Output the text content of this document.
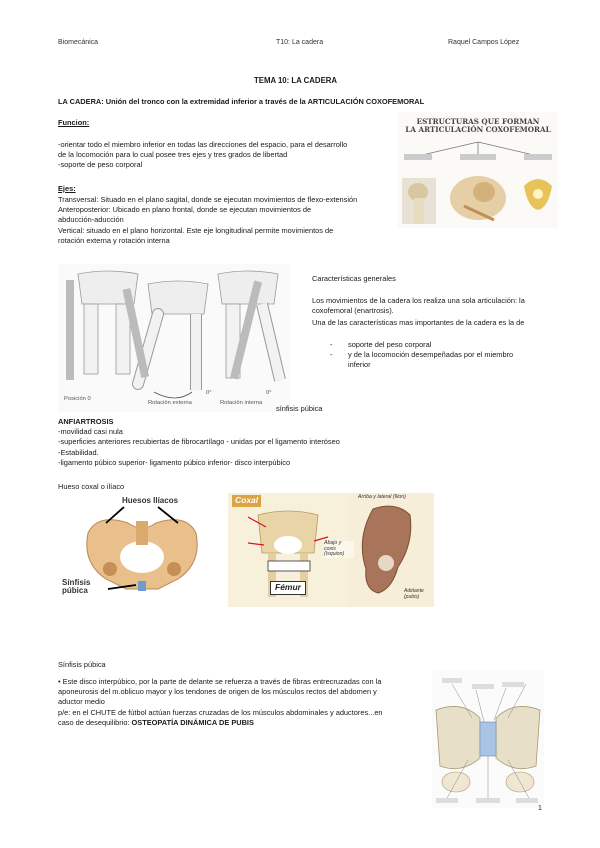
Biomecánica	T10: La cadera	Raquel Campos López
TEMA 10: LA CADERA
LA CADERA: Unión del tronco con la extremidad inferior a través de la ARTICULACIÓN COXOFEMORAL
Funcion:
-orientar todo el miembro inferior en todas las direcciones del espacio, para el desarrollo
de la locomoción para lo cual posee tres ejes y tres grados de libertad
-soporte de peso corporal
Ejes:
Transversal: Situado en el plano sagital, donde se ejecutan movimientos de flexo-extensión
Anteroposterior: Ubicado en plano frontal, donde se ejecutan movimientos de
abducción-aducción
Vertical: situado en el plano horizontal. Este eje longitudinal permite movimientos de
rotación externa y rotación interna
ESTRUCTURAS QUE FORMAN
LA ARTICULACIÓN COXOFEMORAL
Posición 0
Rotación externa	Rotación interna
0°	0°
Características generales
Los movimientos de la cadera los realiza una sola articulación: la coxofemoral (enartrosis).
Una de las características mas importantes de la cadera es la de
- soporte del peso corporal
- y de la locomoción desempeñadas por el miembro inferior
sínfisis púbica
ANFIARTROSIS
-movilidad casi nula
-superficies anteriores recubiertas de fibrocartílago - unidas por el ligamento interóseo
-Estabilidad.
-ligamento púbico superior- ligamento púbico inferior- disco interpúbico
Hueso coxal o ilíaco
Huesos Ilíacos
Sínfisis
púbica
Coxal
Fémur
Abajo y coxis (Isquion)
Arriba y lateral (Ilion)
Adelante (pubis)
Sínfisis púbica
• Este disco interpúbico, por la parte de delante se refuerza a través de fibras entrecruzadas con la
aponeurosis del m.oblicuo mayor y los tendones de origen de los músculos rectos del abdomen y
aductor medio
p/e: en el CHUTE de fútbol actúan fuerzas cruzadas de los músculos abdominales y aductores...en
caso de desequilibrio: OSTEOPATÍA DINÁMICA DE PUBIS
1
